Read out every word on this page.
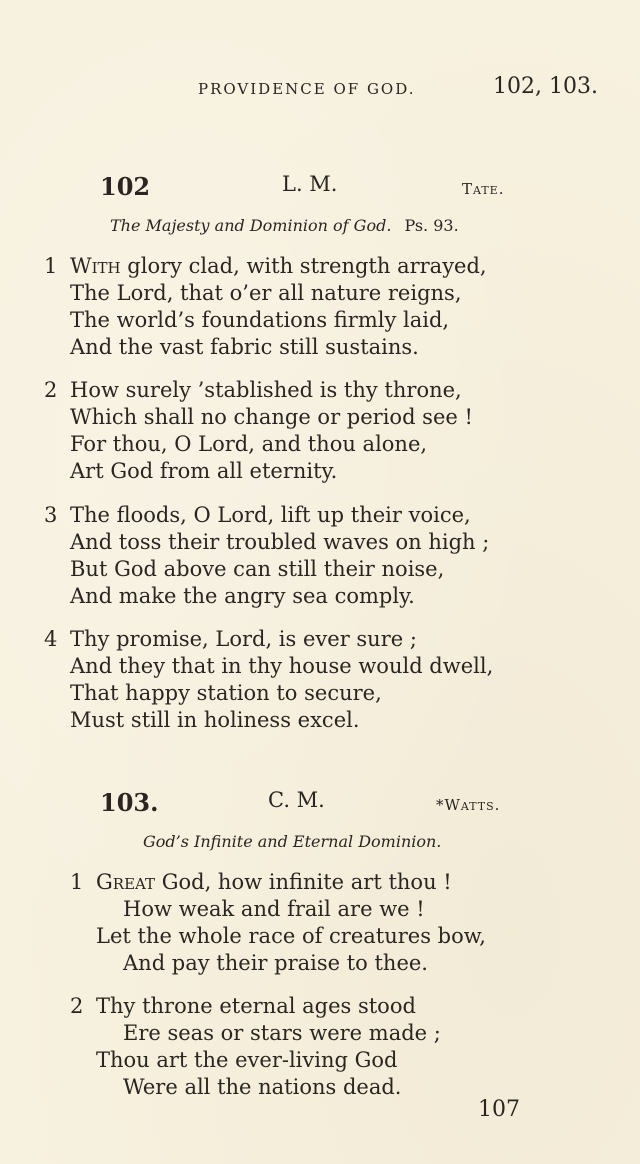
PROVIDENCE OF GOD.	102, 103.
102	L. M.	Tate.
The Majesty and Dominion of God. Ps. 93.
1 With glory clad, with strength arrayed,
The Lord, that o’er all nature reigns,
The world’s foundations firmly laid,
And the vast fabric still sustains.
2 How surely ’stablished is thy throne,
Which shall no change or period see !
For thou, O Lord, and thou alone,
Art God from all eternity.
3 The floods, O Lord, lift up their voice,
And toss their troubled waves on high ;
But God above can still their noise,
And make the angry sea comply.
4 Thy promise, Lord, is ever sure ;
And they that in thy house would dwell,
That happy station to secure,
Must still in holiness excel.
103.	C. M.	*Watts.
God’s Infinite and Eternal Dominion.
1 Great God, how infinite art thou !
How weak and frail are we !
Let the whole race of creatures bow,
And pay their praise to thee.
2 Thy throne eternal ages stood
Ere seas or stars were made ;
Thou art the ever-living God
Were all the nations dead.
107
